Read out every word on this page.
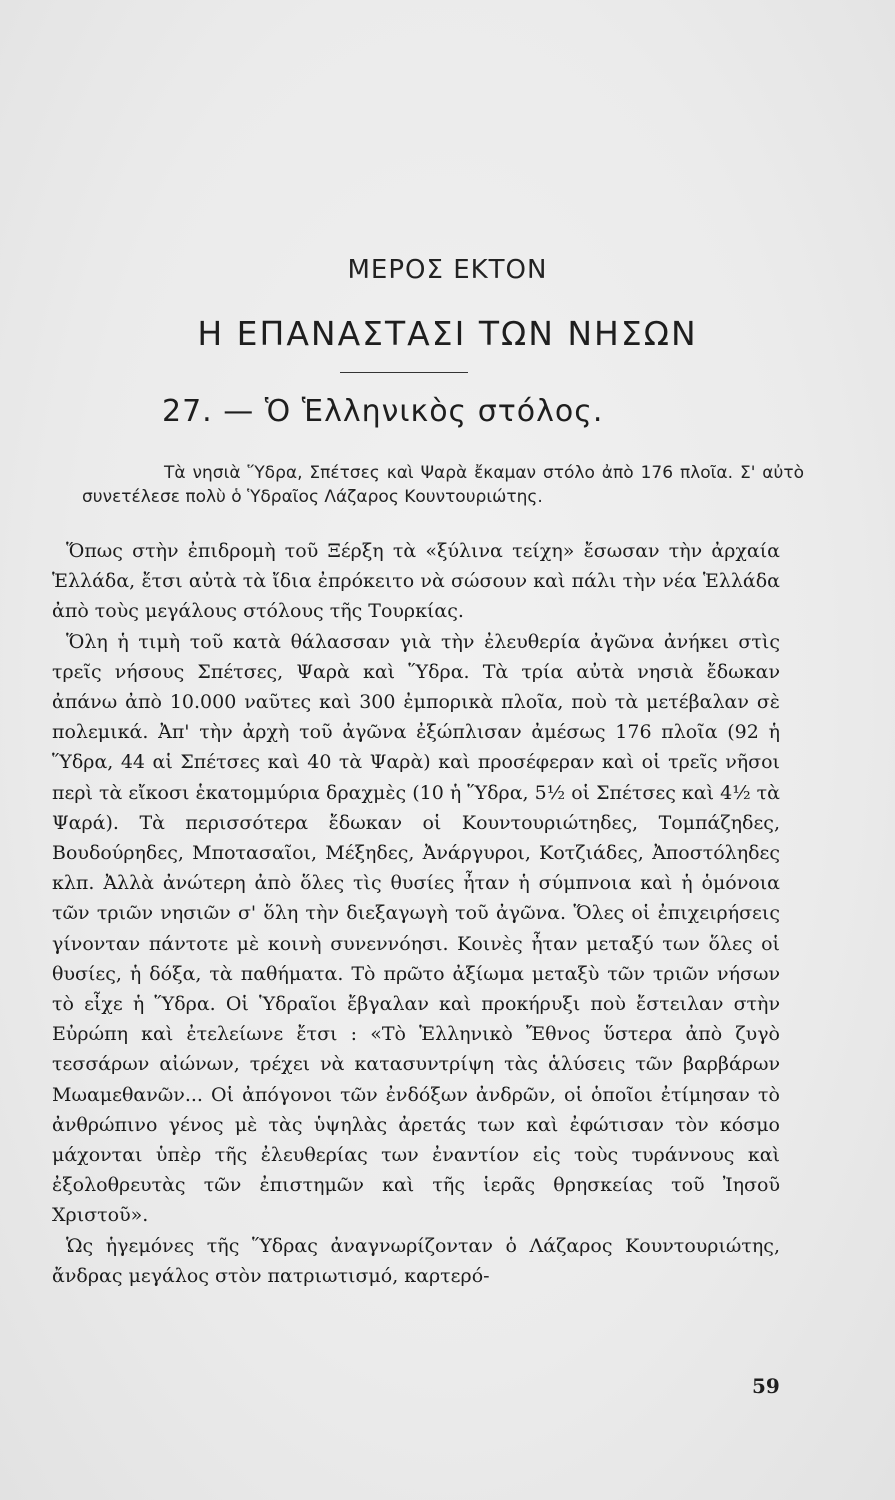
ΜΕΡΟΣ ΕΚΤΟΝ
Η ΕΠΑΝΑΣΤΑΣΙ ΤΩΝ ΝΗΣΩΝ
27. — Ὁ Ἑλληνικὸς στόλος.
Τὰ νησιὰ Ὕδρα, Σπέτσες καὶ Ψαρὰ ἔκαμαν στόλο ἀπὸ 176 πλοῖα. Σ' αὐτὸ συνετέλεσε πολὺ ὁ Ὑδραῖος Λάζαρος Κουντουριώτης.

Ὅπως στὴν ἐπιδρομὴ τοῦ Ξέρξη τὰ «ξύλινα τείχη» ἔσωσαν τὴν ἀρχαία Ἑλλάδα, ἔτσι αὐτὰ τὰ ἴδια ἐπρόκειτο νὰ σώσουν καὶ πάλι τὴν νέα Ἑλλάδα ἀπὸ τοὺς μεγάλους στόλους τῆς Τουρκίας.

Ὅλη ἡ τιμὴ τοῦ κατὰ θάλασσαν γιὰ τὴν ἐλευθερία ἀγῶνα ἀνήκει στὶς τρεῖς νήσους Σπέτσες, Ψαρὰ καὶ Ὕδρα. Τὰ τρία αὐτὰ νησιὰ ἔδωκαν ἀπάνω ἀπὸ 10.000 ναῦτες καὶ 300 ἐμπορικὰ πλοῖα, ποὺ τὰ μετέβαλαν σὲ πολεμικά. Ἀπ' τὴν ἀρχὴ τοῦ ἀγῶνα ἐξώπλισαν ἀμέσως 176 πλοῖα (92 ἡ Ὕδρα, 44 αἱ Σπέτσες καὶ 40 τὰ Ψαρὰ) καὶ προσέφεραν καὶ οἱ τρεῖς νῆσοι περὶ τὰ εἴκοσι ἑκατομμύρια δραχμὲς (10 ἡ Ὕδρα, 5½ οἱ Σπέτσες καὶ 4½ τὰ Ψαρά). Τὰ περισσότερα ἔδωκαν οἱ Κουντουριώτηδες, Τομπάζηδες, Βουδούρηδες, Μποτασαῖοι, Μέξηδες, Ἀνάργυροι, Κοτζιάδες, Ἀποστόληδες κλπ. Ἀλλὰ ἀνώτερη ἀπὸ ὅλες τὶς θυσίες ἦταν ἡ σύμπνοια καὶ ἡ ὁμόνοια τῶν τριῶν νησιῶν σ' ὅλη τὴν διεξαγωγὴ τοῦ ἀγῶνα. Ὅλες οἱ ἐπιχειρήσεις γίνονταν πάντοτε μὲ κοινὴ συνεννόησι. Κοινὲς ἦταν μεταξύ των ὅλες οἱ θυσίες, ἡ δόξα, τὰ παθήματα. Τὸ πρῶτο ἀξίωμα μεταξὺ τῶν τριῶν νήσων τὸ εἶχε ἡ Ὕδρα. Οἱ Ὑδραῖοι ἔβγαλαν καὶ προκήρυξι ποὺ ἔστειλαν στὴν Εὐρώπη καὶ ἐτελείωνε ἔτσι : «Τὸ Ἑλληνικὸ Ἔθνος ὕστερα ἀπὸ ζυγὸ τεσσάρων αἰώνων, τρέχει νὰ κατασυντρίψη τὰς ἁλύσεις τῶν βαρβάρων Μωαμεθανῶν... Οἱ ἀπόγονοι τῶν ἐνδόξων ἀνδρῶν, οἱ ὁποῖοι ἐτίμησαν τὸ ἀνθρώπινο γένος μὲ τὰς ὑψηλὰς ἀρετάς των καὶ ἐφώτισαν τὸν κόσμο μάχονται ὑπὲρ τῆς ἐλευθερίας των ἐναντίον εἰς τοὺς τυράννους καὶ ἐξολοθρευτὰς τῶν ἐπιστημῶν καὶ τῆς ἱερᾶς θρησκείας τοῦ Ἰησοῦ Χριστοῦ».

Ὡς ἡγεμόνες τῆς Ὕδρας ἀναγνωρίζονταν ὁ Λάζαρος Κουντουριώτης, ἄνδρας μεγάλος στὸν πατριωτισμό, καρτερό-

59
